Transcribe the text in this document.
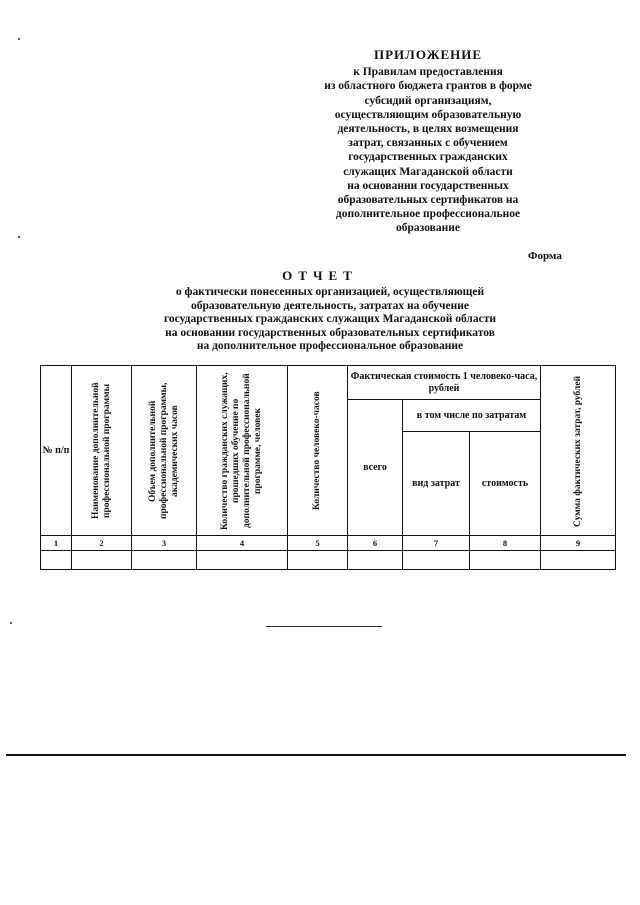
ПРИЛОЖЕНИЕ
к Правилам предоставления
из областного бюджета грантов в форме
субсидий организациям,
осуществляющим образовательную
деятельность, в целях возмещения
затрат, связанных с обучением
государственных гражданских
служащих Магаданской области
на основании государственных
образовательных сертификатов на
дополнительное профессиональное
образование
Форма
ОТЧЕТ
о фактически понесенных организацией, осуществляющей
образовательную деятельность, затратах на обучение
государственных гражданских служащих Магаданской области
на основании государственных образовательных сертификатов
на дополнительное профессиональное образование
№ п/п	Наименование дополнительной профессиональной программы	Объем дополнительной профессиональной программы, академических часов	Количество гражданских служащих, прошедших обучение по дополнительной профессиональной программе, человек	Количество человеко-часов	Фактическая стоимость 1 человеко-часа, рублей			Сумма фактических затрат, рублей

					всего	в том числе по затратам		

						вид затрат	стоимость	

1	2	3	4	5	6	7	8	9
